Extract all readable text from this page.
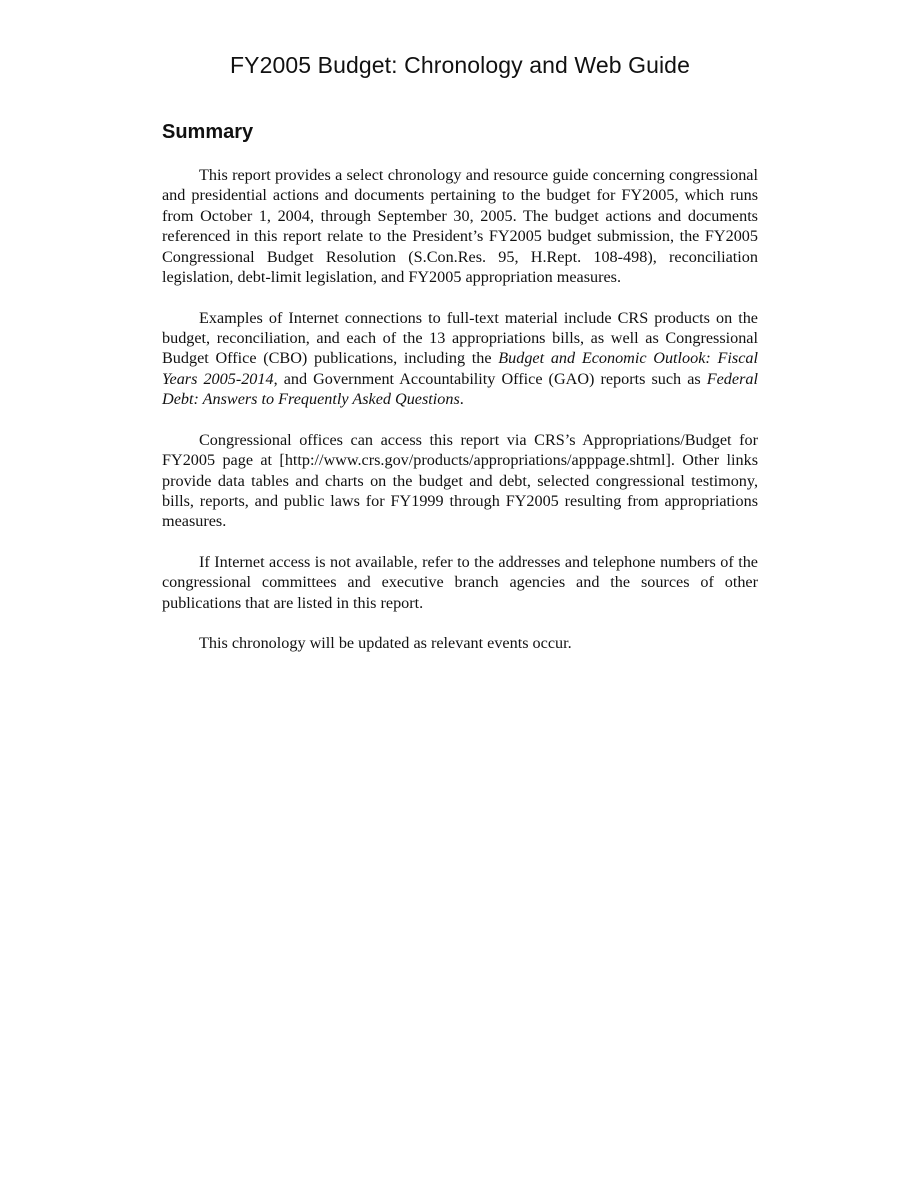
FY2005 Budget: Chronology and Web Guide
Summary

This report provides a select chronology and resource guide concerning congressional and presidential actions and documents pertaining to the budget for FY2005, which runs from October 1, 2004, through September 30, 2005. The budget actions and documents referenced in this report relate to the President’s FY2005 budget submission, the FY2005 Congressional Budget Resolution (S.Con.Res. 95, H.Rept. 108-498), reconciliation legislation, debt-limit legislation, and FY2005 appropriation measures.

Examples of Internet connections to full-text material include CRS products on the budget, reconciliation, and each of the 13 appropriations bills, as well as Congressional Budget Office (CBO) publications, including the Budget and Economic Outlook: Fiscal Years 2005-2014, and Government Accountability Office (GAO) reports such as Federal Debt: Answers to Frequently Asked Questions.

Congressional offices can access this report via CRS’s Appropriations/Budget for FY2005 page at [http://www.crs.gov/products/appropriations/apppage.shtml]. Other links provide data tables and charts on the budget and debt, selected congressional testimony, bills, reports, and public laws for FY1999 through FY2005 resulting from appropriations measures.

If Internet access is not available, refer to the addresses and telephone numbers of the congressional committees and executive branch agencies and the sources of other publications that are listed in this report.

This chronology will be updated as relevant events occur.
